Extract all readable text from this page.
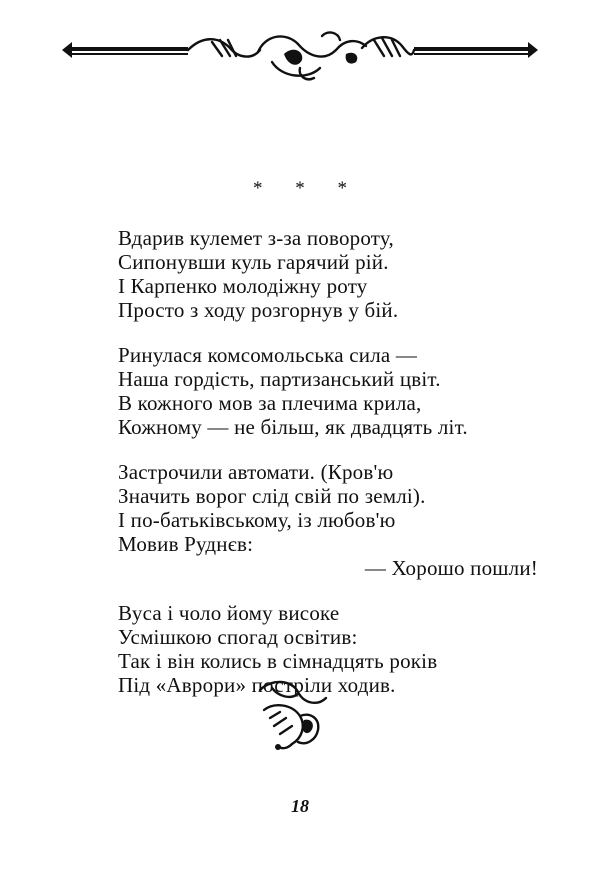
* * *
Вдарив кулемет з-за повороту,
Сипонувши куль гарячий рій.
І Карпенко молодіжну роту
Просто з ходу розгорнув у бій.
Ринулася комсомольська сила —
Наша гордість, партизанський цвіт.
В кожного мов за плечима крила,
Кожному — не більш, як двадцять літ.
Застрочили автомати. (Кров'ю
Значить ворог слід свій по землі).
І по-батьківському, із любов'ю
Мовив Руднєв:
— Хорошо пошли!
Вуса і чоло йому високе
Усмішкою спогад освітив:
Так і він колись в сімнадцять років
Під «Аврори» постріли ходив.
18
